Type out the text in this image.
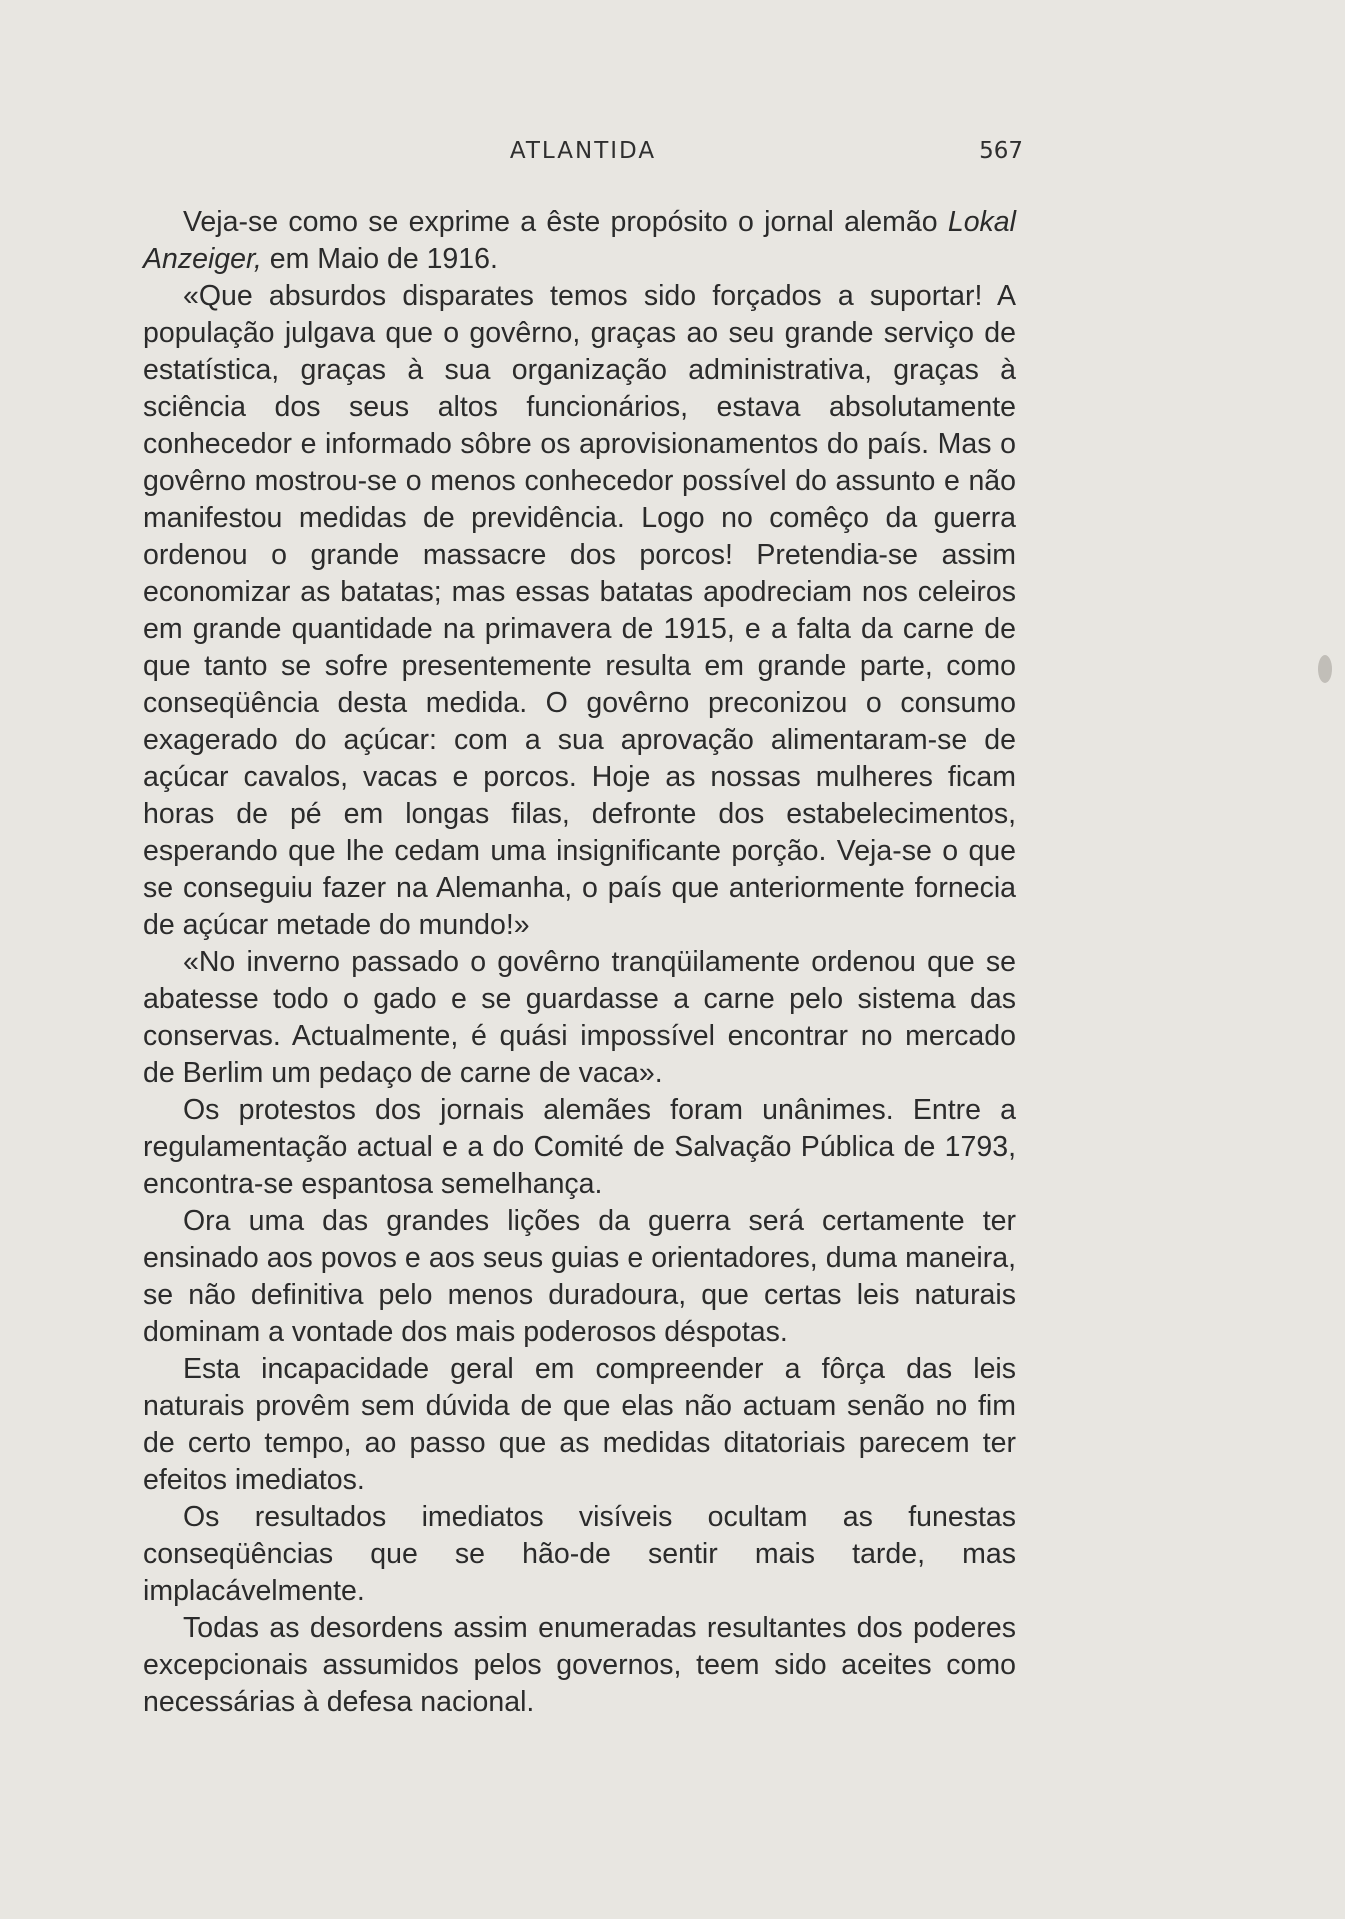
ATLANTIDA	567

Veja-se como se exprime a êste propósito o jornal alemão Lokal Anzeiger, em Maio de 1916.

«Que absurdos disparates temos sido forçados a suportar! A população julgava que o govêrno, graças ao seu grande serviço de estatística, graças à sua organização administrativa, graças à sciência dos seus altos funcionários, estava absolutamente conhecedor e informado sôbre os aprovisionamentos do país. Mas o govêrno mostrou-se o menos conhecedor possível do assunto e não manifestou medidas de previdência. Logo no comêço da guerra ordenou o grande massacre dos porcos! Pretendia-se assim economizar as batatas; mas essas batatas apodreciam nos celeiros em grande quantidade na primavera de 1915, e a falta da carne de que tanto se sofre presentemente resulta em grande parte, como conseqüência desta medida. O govêrno preconizou o consumo exagerado do açúcar: com a sua aprovação alimentaram-se de açúcar cavalos, vacas e porcos. Hoje as nossas mulheres ficam horas de pé em longas filas, defronte dos estabelecimentos, esperando que lhe cedam uma insignificante porção. Veja-se o que se conseguiu fazer na Alemanha, o país que anteriormente fornecia de açúcar metade do mundo!»

«No inverno passado o govêrno tranqüilamente ordenou que se abatesse todo o gado e se guardasse a carne pelo sistema das conservas. Actualmente, é quási impossível encontrar no mercado de Berlim um pedaço de carne de vaca».

Os protestos dos jornais alemães foram unânimes. Entre a regulamentação actual e a do Comité de Salvação Pública de 1793, encontra-se espantosa semelhança.

Ora uma das grandes lições da guerra será certamente ter ensinado aos povos e aos seus guias e orientadores, duma maneira, se não definitiva pelo menos duradoura, que certas leis naturais dominam a vontade dos mais poderosos déspotas.

Esta incapacidade geral em compreender a fôrça das leis naturais provêm sem dúvida de que elas não actuam senão no fim de certo tempo, ao passo que as medidas ditatoriais parecem ter efeitos imediatos.

Os resultados imediatos visíveis ocultam as funestas conseqüências que se hão-de sentir mais tarde, mas implacávelmente.

Todas as desordens assim enumeradas resultantes dos poderes excepcionais assumidos pelos governos, teem sido aceites como necessárias à defesa nacional.
